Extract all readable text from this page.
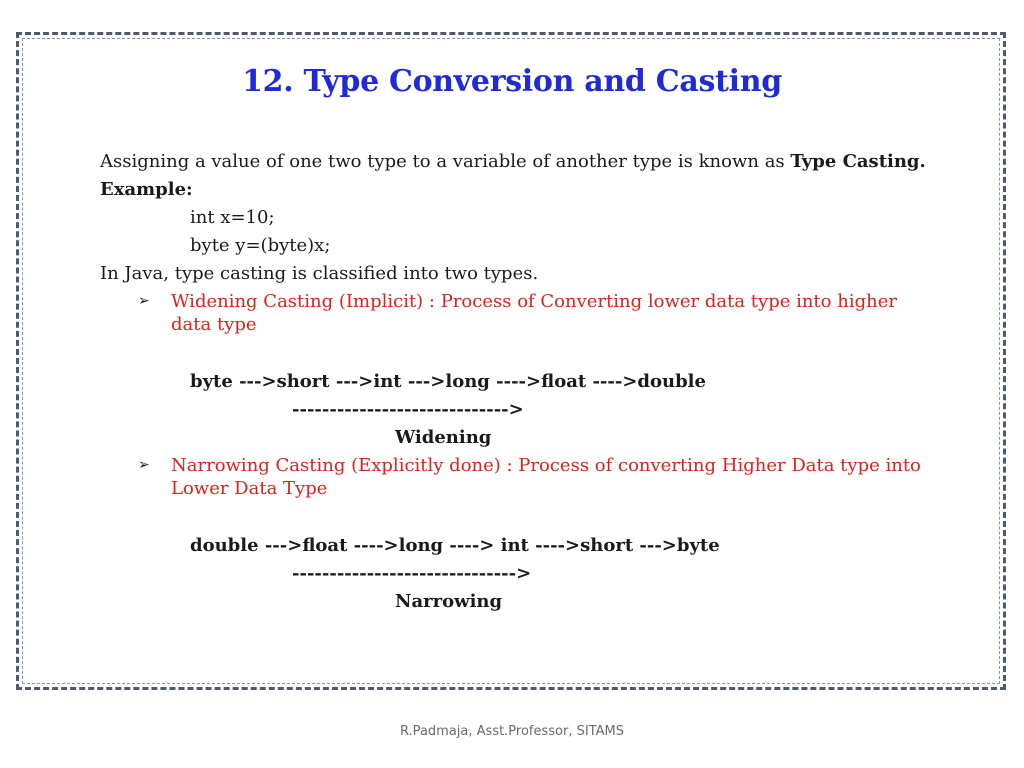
12. Type Conversion and Casting
Assigning a value of one two type to a variable of another type is known as Type Casting.
Example:
int x=10;
byte y=(byte)x;
In Java, type casting is classified into two types.
➢ Widening Casting (Implicit) : Process of Converting lower data type into higher
data type
byte --->short --->int --->long ---->float ---->double
----------------------------->
Widening
➢ Narrowing Casting (Explicitly done) : Process of converting Higher Data type into
Lower Data Type
double --->float ---->long ----> int ---->short --->byte
------------------------------>
Narrowing
R.Padmaja, Asst.Professor, SITAMS
